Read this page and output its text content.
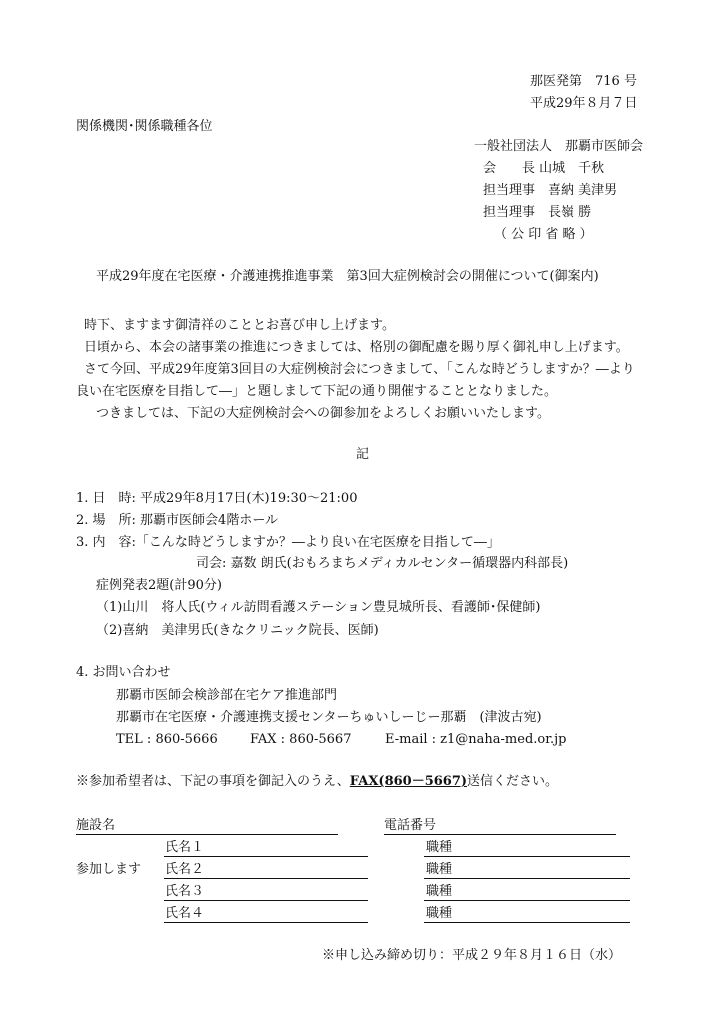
那医発第　716 号
平成29年８月７日
関係機関･関係職種各位
一般社団法人　那覇市医師会
会　　長 山城　千秋
担当理事　喜納 美津男
担当理事　長嶺 勝
（ 公 印 省 略 ）
平成29年度在宅医療・介護連携推進事業　第3回大症例検討会の開催について(御案内)
時下、ますます御清祥のこととお喜び申し上げます。
日頃から、本会の諸事業の推進につきましては、格別の御配慮を賜り厚く御礼申し上げます。
さて今回、平成29年度第3回目の大症例検討会につきまして、「こんな時どうしますか？―より
良い在宅医療を目指して―」と題しまして下記の通り開催することとなりました。
つきましては、下記の大症例検討会への御参加をよろしくお願いいたします。
記
1. 日　時: 平成29年8月17日(木)19:30～21:00
2. 場　所: 那覇市医師会4階ホール
3. 内　容:「こんな時どうしますか？―より良い在宅医療を目指して―」
司会: 嘉数 朗氏(おもろまちメディカルセンター循環器内科部長)
症例発表2題(計90分)
（1)山川　将人氏(ウィル訪問看護ステーション豊見城所長、看護師･保健師)
（2)喜納　美津男氏(きなクリニック院長、医師)
4. お問い合わせ
那覇市医師会検診部在宅ケア推進部門
那覇市在宅医療・介護連携支援センターちゅいしーじー那覇　(津波古宛)
TEL : 860-5666 FAX : 860-5667	E-mail : z1@naha-med.or.jp
※参加希望者は、下記の事項を御記入のうえ、FAX(860－5667)送信ください。
施設名	電話番号
参加します
氏名１	職種
氏名２	職種
氏名３	職種
氏名４	職種
※申し込み締め切り：平成２９年８月１６日（水）
